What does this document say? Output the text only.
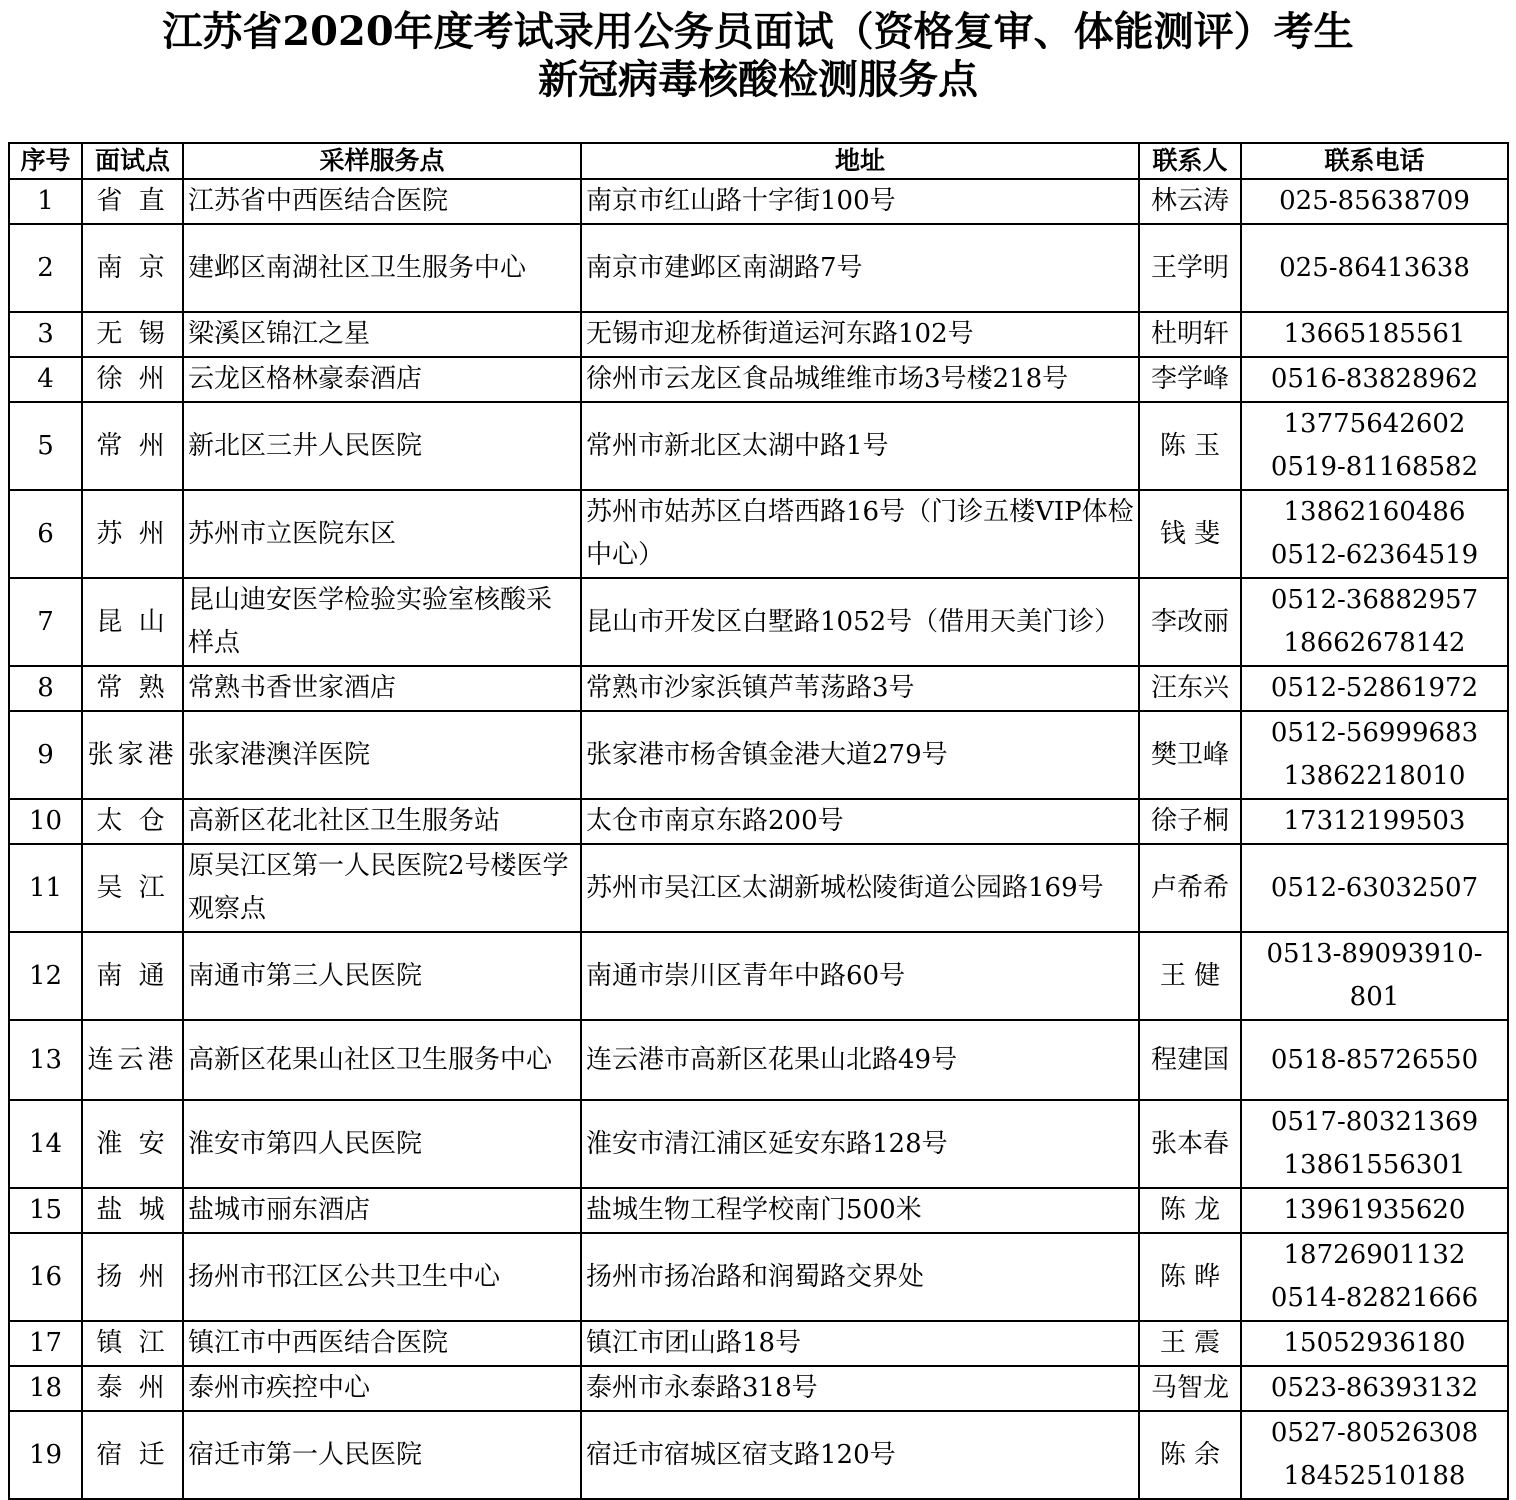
江苏省2020年度考试录用公务员面试（资格复审、体能测评）考生
新冠病毒核酸检测服务点
序号	面试点	采样服务点	地址	联系人	联系电话
1	省 直	江苏省中西医结合医院	南京市红山路十字街100号	林云涛	025-85638709

2	南 京	建邺区南湖社区卫生服务中心	南京市建邺区南湖路7号	王学明	025-86413638

3	无 锡	梁溪区锦江之星	无锡市迎龙桥街道运河东路102号	杜明轩	13665185561

4	徐 州	云龙区格林豪泰酒店	徐州市云龙区食品城维维市场3号楼218号	李学峰	0516-83828962

5	常 州	新北区三井人民医院	常州市新北区太湖中路1号	陈 玉	13775642602
0519-81168582

6	苏 州	苏州市立医院东区	苏州市姑苏区白塔西路16号（门诊五楼VIP体检中心）	钱 斐	13862160486
0512-62364519

7	昆 山	昆山迪安医学检验实验室核酸采样点	昆山市开发区白墅路1052号（借用天美门诊）	李改丽	0512-36882957
18662678142

8	常 熟	常熟书香世家酒店	常熟市沙家浜镇芦苇荡路3号	汪东兴	0512-52861972

9	张家港	张家港澳洋医院	张家港市杨舍镇金港大道279号	樊卫峰	0512-56999683
13862218010

10	太 仓	高新区花北社区卫生服务站	太仓市南京东路200号	徐子桐	17312199503

11	吴 江	原吴江区第一人民医院2号楼医学观察点	苏州市吴江区太湖新城松陵街道公园路169号	卢希希	0512-63032507

12	南 通	南通市第三人民医院	南通市崇川区青年中路60号	王 健	0513-89093910-801

13	连云港	高新区花果山社区卫生服务中心	连云港市高新区花果山北路49号	程建国	0518-85726550

14	淮 安	淮安市第四人民医院	淮安市清江浦区延安东路128号	张本春	0517-80321369
13861556301

15	盐 城	盐城市丽东酒店	盐城生物工程学校南门500米	陈 龙	13961935620

16	扬 州	扬州市邗江区公共卫生中心	扬州市扬冶路和润蜀路交界处	陈 晔	18726901132
0514-82821666

17	镇 江	镇江市中西医结合医院	镇江市团山路18号	王 震	15052936180

18	泰 州	泰州市疾控中心	泰州市永泰路318号	马智龙	0523-86393132

19	宿 迁	宿迁市第一人民医院	宿迁市宿城区宿支路120号	陈 余	0527-80526308
18452510188
